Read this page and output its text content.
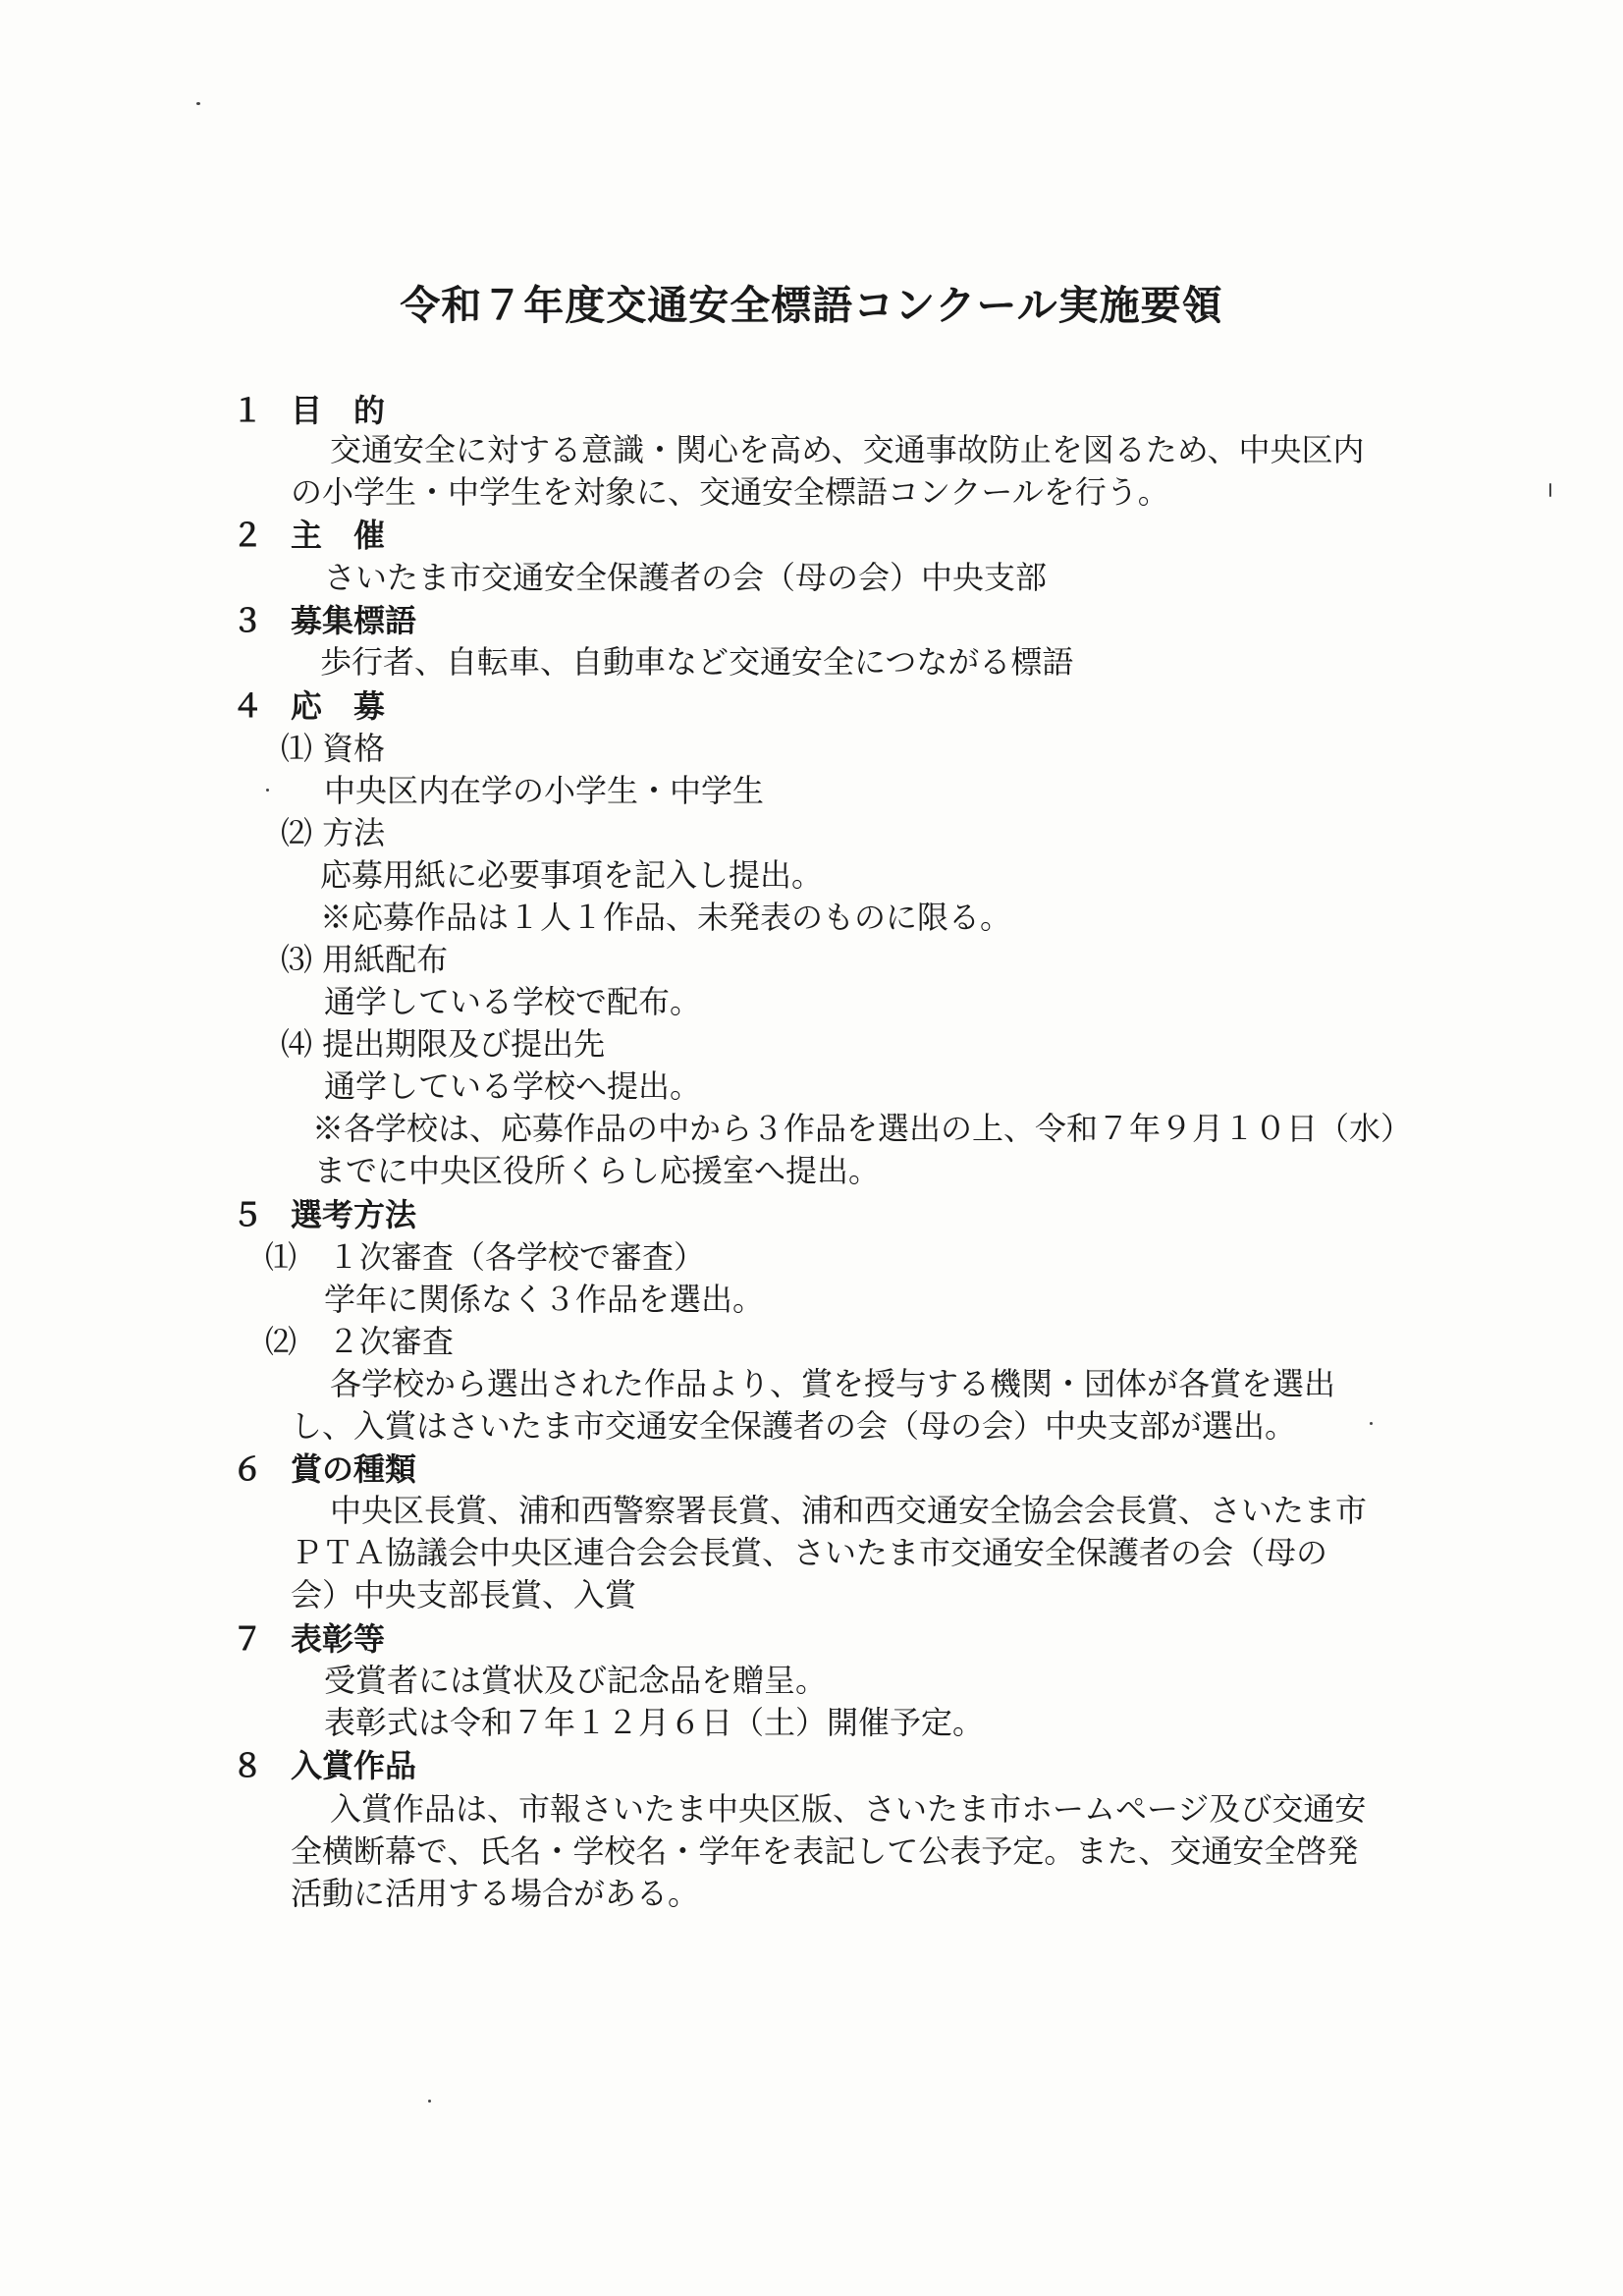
令和７年度交通安全標語コンクール実施要領
１ 目　的
交通安全に対する意識・関心を高め、交通事故防止を図るため、中央区内
の小学生・中学生を対象に、交通安全標語コンクールを行う。
２ 主　催
さいたま市交通安全保護者の会（母の会）中央支部
３ 募集標語
歩行者、自転車、自動車など交通安全につながる標語
４ 応　募
⑴ 資格
中央区内在学の小学生・中学生
⑵ 方法
応募用紙に必要事項を記入し提出。
※応募作品は１人１作品、未発表のものに限る。
⑶ 用紙配布
通学している学校で配布。
⑷ 提出期限及び提出先
通学している学校へ提出。
※各学校は、応募作品の中から３作品を選出の上、令和７年９月１０日（水）
までに中央区役所くらし応援室へ提出。
５ 選考方法
⑴　１次審査（各学校で審査）
学年に関係なく３作品を選出。
⑵　２次審査
各学校から選出された作品より、賞を授与する機関・団体が各賞を選出
し、入賞はさいたま市交通安全保護者の会（母の会）中央支部が選出。
６ 賞の種類
中央区長賞、浦和西警察署長賞、浦和西交通安全協会会長賞、さいたま市
ＰＴＡ協議会中央区連合会会長賞、さいたま市交通安全保護者の会（母の
会）中央支部長賞、入賞
７ 表彰等
受賞者には賞状及び記念品を贈呈。
表彰式は令和７年１２月６日（土）開催予定。
８ 入賞作品
入賞作品は、市報さいたま中央区版、さいたま市ホームページ及び交通安
全横断幕で、氏名・学校名・学年を表記して公表予定。また、交通安全啓発
活動に活用する場合がある。
